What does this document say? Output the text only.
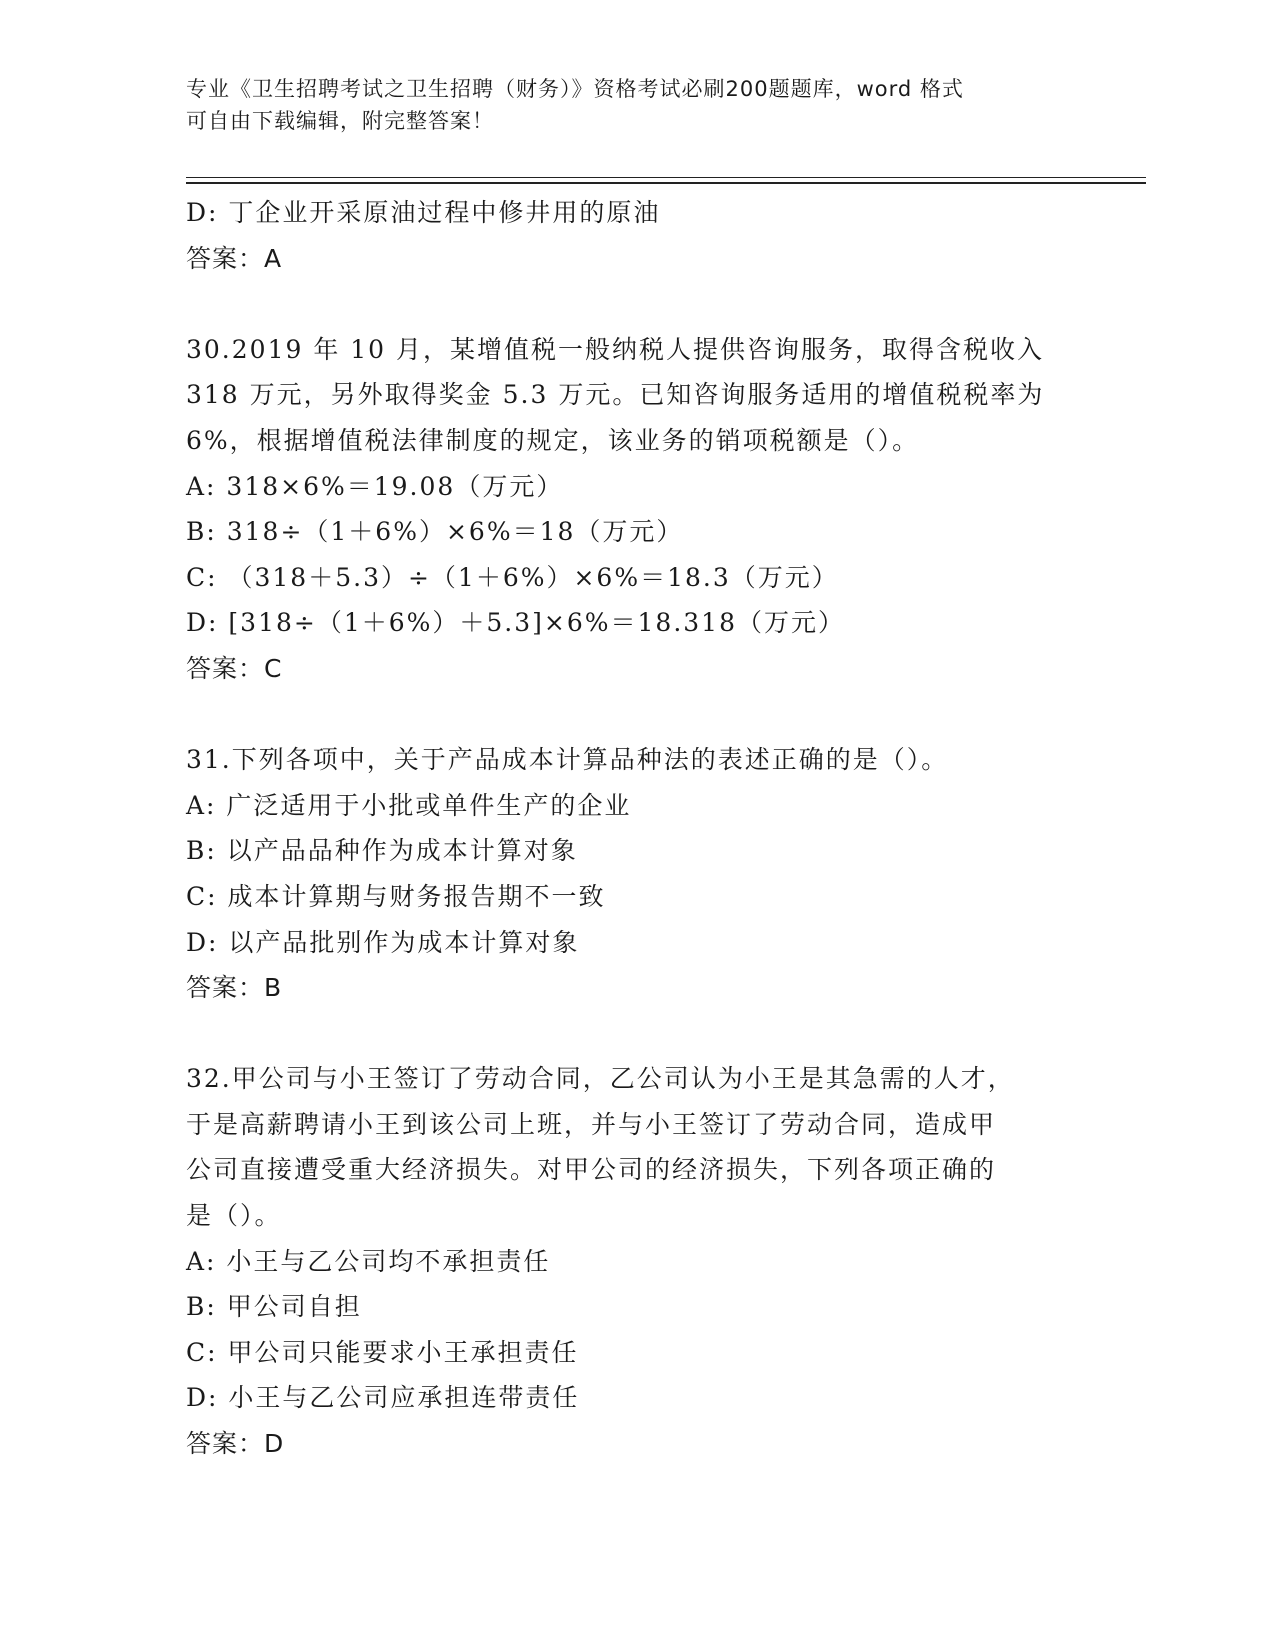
专业《卫生招聘考试之卫生招聘（财务）》资格考试必刷200题题库，word 格式

可自由下载编辑，附完整答案！

D: 丁企业开采原油过程中修井用的原油
答案：A
30.2019 年 10 月，某增值税一般纳税人提供咨询服务，取得含税收入
318 万元，另外取得奖金 5.3 万元。已知咨询服务适用的增值税税率为
6%，根据增值税法律制度的规定，该业务的销项税额是（）。
A: 318×6%＝19.08（万元）
B: 318÷（1＋6%）×6%＝18（万元）
C: （318＋5.3）÷（1＋6%）×6%＝18.3（万元）
D: [318÷（1＋6%）＋5.3]×6%＝18.318（万元）
答案：C
31.下列各项中，关于产品成本计算品种法的表述正确的是（）。
A: 广泛适用于小批或单件生产的企业
B: 以产品品种作为成本计算对象
C: 成本计算期与财务报告期不一致
D: 以产品批别作为成本计算对象
答案：B
32.甲公司与小王签订了劳动合同，乙公司认为小王是其急需的人才，
于是高薪聘请小王到该公司上班，并与小王签订了劳动合同，造成甲
公司直接遭受重大经济损失。对甲公司的经济损失，下列各项正确的
是（）。
A: 小王与乙公司均不承担责任
B: 甲公司自担
C: 甲公司只能要求小王承担责任
D: 小王与乙公司应承担连带责任
答案：D
